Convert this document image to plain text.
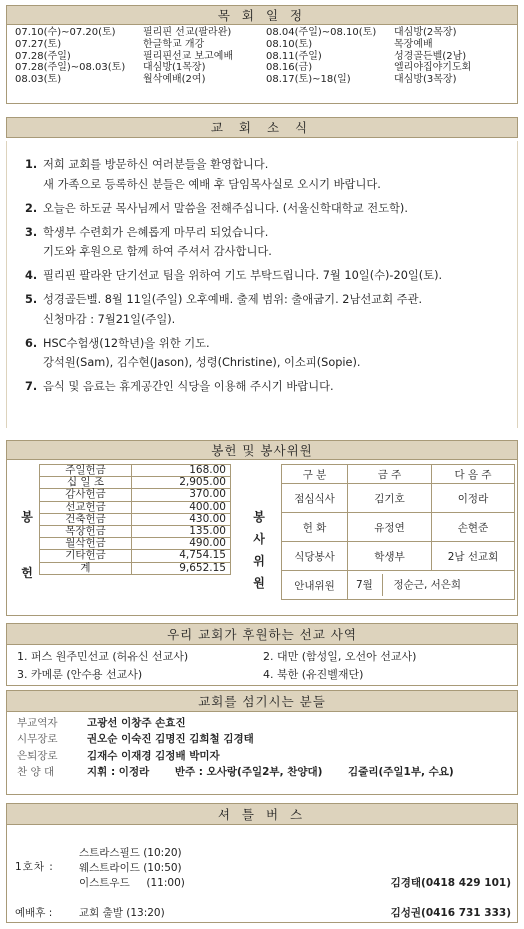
목 회 일 정
07.10(수)~07.20(토)	필리핀 선교(팔라완)
07.27(토)	한글학교 개강
07.28(주일)	필리핀선교 보고예배
07.28(주일)~08.03(토)	대심방(1목장)
08.03(토)	월삭예배(2여)
08.04(주일)~08.10(토)	대심방(2목장)
08.10(토)	목장예배
08.11(주일)	성경골든벨(2남)
08.16(금)	엘리야집야기도회
08.17(토)~18(일)	대심방(3목장)
교 회 소 식
1. 저희 교회를 방문하신 여러분들을 환영합니다.
새 가족으로 등록하신 분들은 예배 후 담임목사실로 오시기 바랍니다.
2. 오늘은 하도균 목사님께서 말씀을 전해주십니다. (서울신학대학교 전도학).
3. 학생부 수련회가 은혜롭게 마무리 되었습니다.
기도와 후원으로 함께 하여 주셔서 감사합니다.
4. 필리핀 팔라완 단기선교 팀을 위하여 기도 부탁드립니다. 7월 10일(수)-20일(토).
5. 성경골든벨. 8월 11일(주일) 오후예배. 출제 범위: 출애굽기. 2남선교회 주관.
신청마감 : 7월21일(주일).
6. HSC수험생(12학년)을 위한 기도.
강석원(Sam), 김수현(Jason), 성령(Christine), 이소피(Sopie).
7. 음식 및 음료는 휴게공간인 식당을 이용해 주시기 바랍니다.
봉헌 및 봉사위원
봉
헌
주일헌금	168.00
십 일 조	2,905.00
감사헌금	370.00
선교헌금	400.00
건축헌금	430.00
목장헌금	135.00
월삭헌금	490.00
기타헌금	4,754.15
계	9,652.15
봉
사
위
원
구 분	금 주	다 음 주
점심식사	김기호	이정라
헌 화	유정연	손현준
식당봉사	학생부	2남 선교회
안내위원	7월 정순근, 서은희	
우리 교회가 후원하는 선교 사역
1. 퍼스 원주민선교 (허유신 선교사)	2. 대만 (함성일, 오선아 선교사)
3. 카메룬 (안수용 선교사)	4. 북한 (유진벨재단)
교회를 섬기시는 분들
부교역자	고광선 이창주 손효진
시무장로	권오순 이숙진 김명진 김희철 김경태
은퇴장로	김재수 이재경 김정배 박미자
찬 양 대	지휘 : 이정라       반주 : 오사랑(주일2부, 찬양대)       김줄리(주일1부, 수요)
셔 틀 버 스
1호차 :
스트라스필드 (10:20)
웨스트라이드 (10:50)
이스트우드     (11:00)	김경태(0418 429 101)
예배후 :	교회 출발 (13:20)	김성권(0416 731 333)
